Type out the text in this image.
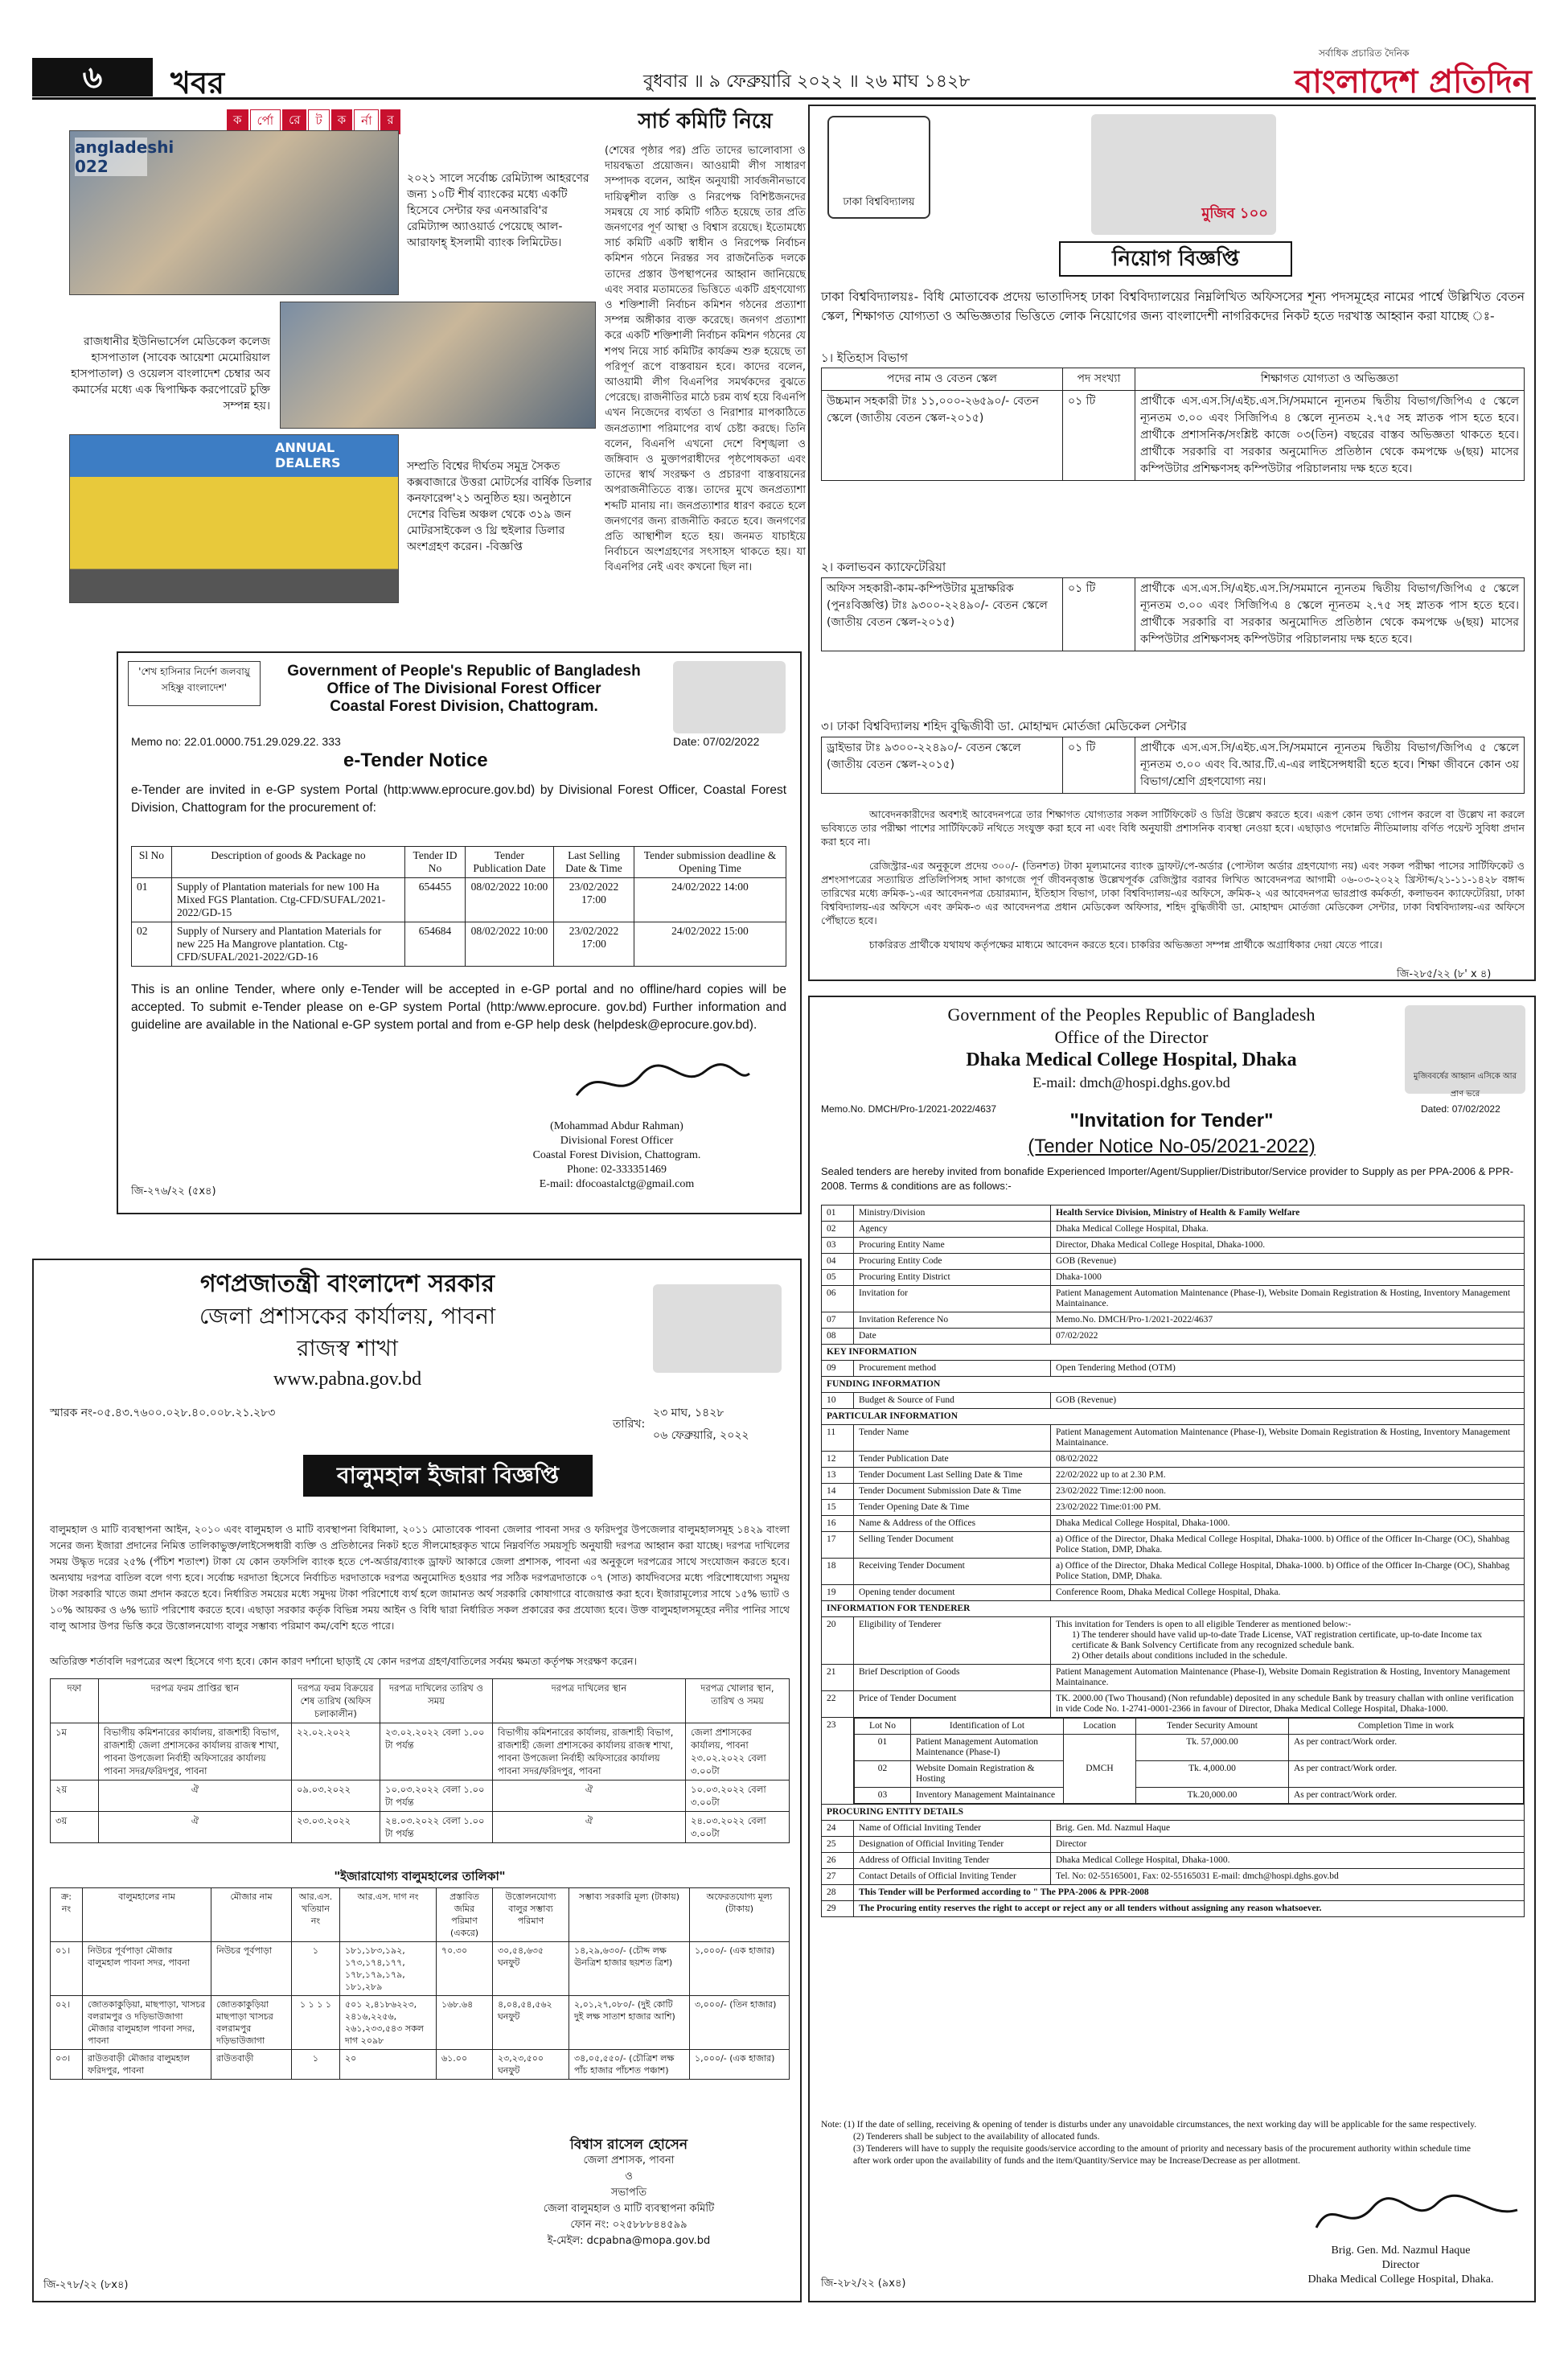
৬	খবর	বুধবার ॥ ৯ ফেব্রুয়ারি ২০২২ ॥ ২৬ মাঘ ১৪২৮
সর্বাধিক প্রচারিত দৈনিক
বাংলাদেশ প্রতিদিন
ক	র্পো	রে	ট	ক	র্না	র
angladeshi 022
২০২১ সালে সর্বোচ্চ রেমিট্যান্স আহরণের জন্য ১০টি শীর্ষ ব্যাংকের মধ্যে একটি হিসেবে সেন্টার ফর এনআরবি'র রেমিট্যান্স অ্যাওয়ার্ড পেয়েছে আল-আরাফাহ্ ইসলামী ব্যাংক লিমিটেড।
রাজধানীর ইউনিভার্সেল মেডিকেল কলেজ হাসপাতাল (সাবেক আয়েশা মেমোরিয়াল হাসপাতাল) ও ওয়েলস বাংলাদেশ চেম্বার অব কমার্সের মধ্যে এক দ্বিপাক্ষিক করপোরেট চুক্তি সম্পন্ন হয়।
ANNUAL DEALERS	সম্প্রতি বিশ্বের দীর্ঘতম সমুদ্র সৈকত কক্সবাজারে উত্তরা মোটর্সের বার্ষিক ডিলার কনফারেন্স'২১ অনুষ্ঠিত হয়। অনুষ্ঠানে দেশের বিভিন্ন অঞ্চল থেকে ৩১৯ জন মোটরসাইকেল ও থ্রি হুইলার ডিলার অংশগ্রহণ করেন। -বিজ্ঞপ্তি
সার্চ কমিটি নিয়ে
(শেষের পৃষ্ঠার পর) প্রতি তাদের ভালোবাসা ও দায়বদ্ধতা প্রয়োজন। আওয়ামী লীগ সাধারণ সম্পাদক বলেন, আইন অনুযায়ী সার্বজনীনভাবে দায়িত্বশীল ব্যক্তি ও নিরপেক্ষ বিশিষ্টজনদের সমন্বয়ে যে সার্চ কমিটি গঠিত হয়েছে তার প্রতি জনগণের পূর্ণ আস্থা ও বিশ্বাস রয়েছে। ইতোমধ্যে সার্চ কমিটি একটি স্বাধীন ও নিরপেক্ষ নির্বাচন কমিশন গঠনে নিরন্তর সব রাজনৈতিক দলকে তাদের প্রস্তাব উপস্থাপনের আহ্বান জানিয়েছে এবং সবার মতামতের ভিত্তিতে একটি গ্রহণযোগ্য ও শক্তিশালী নির্বাচন কমিশন গঠনের প্রত্যাশা সম্পন্ন অঙ্গীকার ব্যক্ত করেছে। জনগণ প্রত্যাশা করে একটি শক্তিশালী নির্বাচন কমিশন গঠনের যে শপথ নিয়ে সার্চ কমিটির কার্যক্রম শুরু হয়েছে তা পরিপূর্ণ রূপে বাস্তবায়ন হবে। কাদের বলেন, আওয়ামী লীগ বিএনপির সমর্থকদের বুঝতে পেরেছে। রাজনীতির মাঠে চরম ব্যর্থ হয়ে বিএনপি এখন নিজেদের ব্যর্থতা ও নিরাশার মাপকাঠিতে জনপ্রত্যাশা পরিমাপের ব্যর্থ চেষ্টা করছে। তিনি বলেন, বিএনপি এখনো দেশে বিশৃঙ্খলা ও জঙ্গিবাদ ও মুক্তাপরাধীদের পৃষ্ঠপোষকতা এবং তাদের স্বার্থ সংরক্ষণ ও প্রচারণা বাস্তবায়নের অপরাজনীতিতে ব্যস্ত। তাদের মুখে জনপ্রত্যাশা শব্দটি মানায় না। জনপ্রত্যাশার ধারণ করতে হলে জনগণের জন্য রাজনীতি করতে হবে। জনগণের প্রতি আস্থাশীল হতে হয়। জনমত যাচাইয়ে নির্বাচনে অংশগ্রহণের সৎসাহস থাকতে হয়। যা বিএনপির নেই এবং কখনো ছিল না।
'শেখ হাসিনার নির্দেশ জলবায়ু সহিষ্ণু বাংলাদেশ'
Government of People's Republic of Bangladesh
Office of The Divisional Forest Officer
Coastal Forest Division, Chattogram.
Memo no: 22.01.0000.751.29.029.22. 333	Date: 07/02/2022
e-Tender Notice
e-Tender are invited in e-GP system Portal (http:www.eprocure.gov.bd) by Divisional Forest Officer, Coastal Forest Division, Chattogram for the procurement of:
Sl No	Description of goods & Package no	Tender ID No	Tender Publication Date	Last Selling Date & Time	Tender submission deadline & Opening Time
01	Supply of Plantation materials for new 100 Ha Mixed FGS Plantation. Ctg-CFD/SUFAL/2021-2022/GD-15	654455	08/02/2022 10:00	23/02/2022 17:00	24/02/2022 14:00
02	Supply of Nursery and Plantation Materials for new 225 Ha Mangrove plantation. Ctg-CFD/SUFAL/2021-2022/GD-16	654684	08/02/2022 10:00	23/02/2022 17:00	24/02/2022 15:00
This is an online Tender, where only e-Tender will be accepted in e-GP portal and no offline/hard copies will be accepted. To submit e-Tender please on e-GP system Portal (http:/www.eprocure. gov.bd) Further information and guideline are available in the National e-GP system portal and from e-GP help desk (helpdesk@eprocure.gov.bd).
(Mohammad Abdur Rahman)
Divisional Forest Officer
Coastal Forest Division, Chattogram.
Phone: 02-333351469
E-mail: dfocoastalctg@gmail.com
জি-২৭৬/২২ (৫x৪)
গণপ্রজাতন্ত্রী বাংলাদেশ সরকার
জেলা প্রশাসকের কার্যালয়, পাবনা
রাজস্ব শাখা
www.pabna.gov.bd
স্মারক নং-০৫.৪৩.৭৬০০.০২৮.৪০.০০৮.২১.২৮৩
তারিখ:
২৩ মাঘ, ১৪২৮
০৬ ফেব্রুয়ারি, ২০২২
বালুমহাল ইজারা বিজ্ঞপ্তি
বালুমহাল ও মাটি ব্যবস্থাপনা আইন, ২০১০ এবং বালুমহাল ও মাটি ব্যবস্থাপনা বিধিমালা, ২০১১ মোতাবেক পাবনা জেলার পাবনা সদর ও ফরিদপুর উপজেলার বালুমহালসমূহ ১৪২৯ বাংলা সনের জন্য ইজারা প্রদানের নিমিত্ত তালিকাভুক্ত/লাইসেন্সধারী ব্যক্তি ও প্রতিষ্ঠানের নিকট হতে সীলমোহরকৃত খামে নিম্নবর্ণিত সময়সূচি অনুযায়ী দরপত্র আহ্বান করা যাচ্ছে। দরপত্র দাখিলের সময় উদ্ধৃত দরের ২৫% (পঁচিশ শতাংশ) টাকা যে কোন তফসিলি ব্যাংক হতে পে-অর্ডার/ব্যাংক ড্রাফট আকারে জেলা প্রশাসক, পাবনা এর অনুকূলে দরপত্রের সাথে সংযোজন করতে হবে। অন্যথায় দরপত্র বাতিল বলে গণ্য হবে। সর্বোচ্চ দরদাতা হিসেবে নির্বাচিত দরদাতাকে দরপত্র অনুমোদিত হওয়ার পর সঠিক দরপত্রদাতাকে ০৭ (সাত) কার্যদিবসের মধ্যে পরিশোধযোগ্য সমুদয় টাকা সরকারি খাতে জমা প্রদান করতে হবে। নির্ধারিত সময়ের মধ্যে সমুদয় টাকা পরিশোধে ব্যর্থ হলে জামানত অর্থ সরকারি কোষাগারে বাজেয়াপ্ত করা হবে। ইজারামূল্যের সাথে ১৫% ভ্যাট ও ১০% আয়কর ও ৬% ভ্যাট পরিশোধ করতে হবে। এছাড়া সরকার কর্তৃক বিভিন্ন সময় আইন ও বিধি দ্বারা নির্ধারিত সকল প্রকারের কর প্রযোজ্য হবে। উক্ত বালুমহালসমূহের নদীর পানির সাথে বালু আসার উপর ভিত্তি করে উত্তোলনযোগ্য বালুর সম্ভাব্য পরিমাণ কম/বেশি হতে পারে।
অতিরিক্ত শর্তাবলি দরপত্রের অংশ হিসেবে গণ্য হবে। কোন কারণ দর্শানো ছাড়াই যে কোন দরপত্র গ্রহণ/বাতিলের সর্বময় ক্ষমতা কর্তৃপক্ষ সংরক্ষণ করেন।
দফা	দরপত্র ফরম প্রাপ্তির স্থান	দরপত্র ফরম বিক্রয়ের শেষ তারিখ (অফিস চলাকালীন)	দরপত্র দাখিলের তারিখ ও সময়	দরপত্র দাখিলের স্থান	দরপত্র খোলার স্থান, তারিখ ও সময়
১ম	বিভাগীয় কমিশনারের কার্যালয়, রাজশাহী বিভাগ, রাজশাহী জেলা প্রশাসকের কার্যালয় রাজস্ব শাখা, পাবনা উপজেলা নির্বাহী অফিসারের কার্যালয় পাবনা সদর/ফরিদপুর, পাবনা	২২.০২.২০২২	২৩.০২.২০২২ বেলা ১.০০ টা পর্যন্ত	বিভাগীয় কমিশনারের কার্যালয়, রাজশাহী বিভাগ, রাজশাহী জেলা প্রশাসকের কার্যালয় রাজস্ব শাখা, পাবনা উপজেলা নির্বাহী অফিসারের কার্যালয় পাবনা সদর/ফরিদপুর, পাবনা	জেলা প্রশাসকের কার্যালয়, পাবনা ২৩.০২.২০২২ বেলা ৩.০০টা
২য়	ঐ	০৯.০৩.২০২২	১০.০৩.২০২২ বেলা ১.০০ টা পর্যন্ত	ঐ	১০.০৩.২০২২ বেলা ৩.০০টা
৩য়	ঐ	২৩.০৩.২০২২	২৪.০৩.২০২২ বেলা ১.০০ টা পর্যন্ত	ঐ	২৪.০৩.২০২২ বেলা ৩.০০টা
"ইজারাযোগ্য বালুমহালের তালিকা"
ক্র: নং	বালুমহালের নাম	মৌজার নাম	আর.এস. খতিয়ান নং	আর.এস. দাগ নং	প্রস্তাবিত জমির পরিমাণ (একরে)	উত্তোলনযোগ্য বালুর সম্ভাব্য পরিমাণ	সম্ভাব্য সরকারি মূল্য (টাকায়)	অফেরতযোগ্য মূল্য (টাকায়)
০১।	নিউচর পূর্বপাড়া মৌজার বালুমহাল পাবনা সদর, পাবনা	নিউচর পূর্বপাড়া	১	১৮১,১৮৩,১৯২, ১৭৩,১৭৪,১৭৭, ১৭৮,১৭৯,১৭৯, ১৮১,২৮৯	৭০.৩০	৩০,৫৪,৬৩৫ ঘনফুট	১৪,২৯,৬৩০/- (চৌদ্দ লক্ষ ঊনত্রিশ হাজার ছয়শত ত্রিশ)	১,০০০/- (এক হাজার)
০২।	জোতকাকুড়িয়া, মাছপাড়া, খাসচর বলরামপুর ও দড়িভাউজাগা মৌজার বালুমহাল পাবনা সদর, পাবনা	জোতকাকুড়িয়া মাছপাড়া খাসচর বলরামপুর দড়িভাউজাগা	১ ১ ১ ১	৫০১ ২,৪১৮৬২২৩, ২৪১৬,২২৫৬, ২৬১,২৩৩,৫৪৩ সকল দাগ ২০৯৮	১৬৮.৬৪	৪,০৪,৫৪,৫৬২ ঘনফুট	২,০১,২৭,০৮০/- (দুই কোটি দুই লক্ষ সাতাশ হাজার আশি)	৩,০০০/- (তিন হাজার)
০৩।	রাউতবাড়ী মৌজার বালুমহাল ফরিদপুর, পাবনা	রাউতবাড়ী	১	২০	৬১.০০	২৩,২৩,৫০০ ঘনফুট	৩৪,০৫,৫৫০/- (চৌত্রিশ লক্ষ পাঁচ হাজার পাঁচশত পঞ্চাশ)	১,০০০/- (এক হাজার)
বিশ্বাস রাসেল হোসেন
জেলা প্রশাসক, পাবনা
ও
সভাপতি
জেলা বালুমহাল ও মাটি ব্যবস্থাপনা কমিটি
ফোন নং: ০২৫৮৮৮৪৪৫৯৯
ই-মেইল: dcpabna@mopa.gov.bd
জি-২৭৮/২২ (৮x৪)
ঢাকা বিশ্ববিদ্যালয়
মুজিব ১০০
নিয়োগ বিজ্ঞপ্তি
ঢাকা বিশ্ববিদ্যালয়ঃ- বিধি মোতাবেক প্রদেয় ভাতাদিসহ ঢাকা বিশ্ববিদ্যালয়ের নিম্নলিখিত অফিসসের শূন্য পদসমূহের নামের পার্শ্বে উল্লিখিত বেতন স্কেল, শিক্ষাগত যোগ্যতা ও অভিজ্ঞতার ভিত্তিতে লোক নিয়োগের জন্য বাংলাদেশী নাগরিকদের নিকট হতে দরখাস্ত আহ্বান করা যাচ্ছে ঃ-
১। ইতিহাস বিভাগ
পদের নাম ও বেতন স্কেল	পদ সংখ্যা	শিক্ষাগত যোগ্যতা ও অভিজ্ঞতা
উচ্চমান সহকারী টাঃ ১১,০০০-২৬৫৯০/- বেতন স্কেলে (জাতীয় বেতন স্কেল-২০১৫)	০১ টি	প্রার্থীকে এস.এস.সি/এইচ.এস.সি/সমমানে ন্যূনতম দ্বিতীয় বিভাগ/জিপিএ ৫ স্কেলে ন্যূনতম ৩.০০ এবং সিজিপিএ ৪ স্কেলে ন্যূনতম ২.৭৫ সহ স্নাতক পাস হতে হবে। প্রার্থীকে প্রশাসনিক/সংশ্লিষ্ট কাজে ০৩(তিন) বছরের বাস্তব অভিজ্ঞতা থাকতে হবে। প্রার্থীকে সরকারি বা সরকার অনুমোদিত প্রতিষ্ঠান থেকে কমপক্ষে ৬(ছয়) মাসের কম্পিউটার প্রশিক্ষণসহ কম্পিউটার পরিচালনায় দক্ষ হতে হবে।
২। কলাভবন ক্যাফেটেরিয়া
অফিস সহকারী-কাম-কম্পিউটার মুদ্রাক্ষরিক (পুনঃবিজ্ঞপ্তি) টাঃ ৯৩০০-২২৪৯০/- বেতন স্কেলে (জাতীয় বেতন স্কেল-২০১৫)	০১ টি	প্রার্থীকে এস.এস.সি/এইচ.এস.সি/সমমানে ন্যূনতম দ্বিতীয় বিভাগ/জিপিএ ৫ স্কেলে ন্যূনতম ৩.০০ এবং সিজিপিএ ৪ স্কেলে ন্যূনতম ২.৭৫ সহ স্নাতক পাস হতে হবে। প্রার্থীকে সরকারি বা সরকার অনুমোদিত প্রতিষ্ঠান থেকে কমপক্ষে ৬(ছয়) মাসের কম্পিউটার প্রশিক্ষণসহ কম্পিউটার পরিচালনায় দক্ষ হতে হবে।
৩। ঢাকা বিশ্ববিদ্যালয় শহিদ বুদ্ধিজীবী ডা. মোহাম্মদ মোর্তজা মেডিকেল সেন্টার
ড্রাইভার টাঃ ৯৩০০-২২৪৯০/- বেতন স্কেলে (জাতীয় বেতন স্কেল-২০১৫)	০১ টি	প্রার্থীকে এস.এস.সি/এইচ.এস.সি/সমমানে ন্যূনতম দ্বিতীয় বিভাগ/জিপিএ ৫ স্কেলে ন্যূনতম ৩.০০ এবং বি.আর.টি.এ-এর লাইসেন্সধারী হতে হবে। শিক্ষা জীবনে কোন ৩য় বিভাগ/শ্রেণি গ্রহণযোগ্য নয়।
আবেদনকারীদের অবশ্যই আবেদনপত্রে তার শিক্ষাগত যোগ্যতার সকল সার্টিফিকেট ও ডিগ্রি উল্লেখ করতে হবে। এরূপ কোন তথ্য গোপন করলে বা উল্লেখ না করলে ভবিষ্যতে তার পরীক্ষা পাশের সার্টিফিকেট নথিতে সংযুক্ত করা হবে না এবং বিধি অনুযায়ী প্রশাসনিক ব্যবস্থা নেওয়া হবে। এছাড়াও পদোন্নতি নীতিমালায় বর্ণিত পয়েন্ট সুবিধা প্রদান করা হবে না।
রেজিস্ট্রার-এর অনুকূলে প্রদেয় ৩০০/- (তিনশত) টাকা মূল্যমানের ব্যাংক ড্রাফট/পে-অর্ডার (পোস্টাল অর্ডার গ্রহণযোগ্য নয়) এবং সকল পরীক্ষা পাসের সার্টিফিকেট ও প্রশংসাপত্রের সত্যায়িত প্রতিলিপিসহ সাদা কাগজে পূর্ণ জীবনবৃত্তান্ত উল্লেখপূর্বক রেজিস্ট্রার বরাবর লিখিত আবেদনপত্র আগামী ০৬-০৩-২০২২ খ্রিস্টাব্দ/২১-১১-১৪২৮ বঙ্গাব্দ তারিখের মধ্যে ক্রমিক-১-এর আবেদনপত্র চেয়ারম্যান, ইতিহাস বিভাগ, ঢাকা বিশ্ববিদ্যালয়-এর অফিসে, ক্রমিক-২ এর আবেদনপত্র ভারপ্রাপ্ত কর্মকর্তা, কলাভবন ক্যাফেটেরিয়া, ঢাকা বিশ্ববিদ্যালয়-এর অফিসে এবং ক্রমিক-৩ এর আবেদনপত্র প্রধান মেডিকেল অফিসার, শহিদ বুদ্ধিজীবী ডা. মোহাম্মদ মোর্তজা মেডিকেল সেন্টার, ঢাকা বিশ্ববিদ্যালয়-এর অফিসে পৌঁছাতে হবে।
চাকরিরত প্রার্থীকে যথাযথ কর্তৃপক্ষের মাধ্যমে আবেদন করতে হবে। চাকরির অভিজ্ঞতা সম্পন্ন প্রার্থীকে অগ্রাধিকার দেয়া যেতে পারে।
জি-২৮৫/২২ (৮' x ৪)
Government of the Peoples Republic of Bangladesh
Office of the Director
Dhaka Medical College Hospital, Dhaka
E-mail: dmch@hospi.dghs.gov.bd	মুজিববর্ষের আহ্বান এসিকে আর প্রাণ ভরে
Memo.No. DMCH/Pro-1/2021-2022/4637	Dated: 07/02/2022
"Invitation for Tender"
(Tender Notice No-05/2021-2022)
Sealed tenders are hereby invited from bonafide Experienced Importer/Agent/Supplier/Distributor/Service provider to Supply as per PPA-2006 & PPR-2008. Terms & conditions are as follows:-
01	Ministry/Division	Health Service Division, Ministry of Health & Family Welfare
02	Agency	Dhaka Medical College Hospital, Dhaka.
03	Procuring Entity Name	Director, Dhaka Medical College Hospital, Dhaka-1000.
04	Procuring Entity Code	GOB (Revenue)
05	Procuring Entity District	Dhaka-1000
06	Invitation for	Patient Management Automation Maintenance (Phase-I), Website Domain Registration & Hosting, Inventory Management Maintainance.
07	Invitation Reference No	Memo.No. DMCH/Pro-1/2021-2022/4637
08	Date	07/02/2022
KEY INFORMATION
09	Procurement method	Open Tendering Method (OTM)
FUNDING INFORMATION
10	Budget & Source of Fund	GOB (Revenue)
PARTICULAR INFORMATION
11	Tender Name	Patient Management Automation Maintenance (Phase-I), Website Domain Registration & Hosting, Inventory Management Maintainance.
12	Tender Publication Date	08/02/2022
13	Tender Document Last Selling Date & Time	22/02/2022 up to at 2.30 P.M.
14	Tender Document Submission Date & Time	23/02/2022 Time:12:00 noon.
15	Tender Opening Date & Time	23/02/2022 Time:01:00 PM.
16	Name & Address of the Offices	Dhaka Medical College Hospital, Dhaka-1000.
17	Selling Tender Document	a) Office of the Director, Dhaka Medical College Hospital, Dhaka-1000. b) Office of the Officer In-Charge (OC), Shahbag Police Station, DMP, Dhaka.
18	Receiving Tender Document	a) Office of the Director, Dhaka Medical College Hospital, Dhaka-1000. b) Office of the Officer In-Charge (OC), Shahbag Police Station, DMP, Dhaka.
19	Opening tender document	Conference Room, Dhaka Medical College Hospital, Dhaka.
INFORMATION FOR TENDERER
20	Eligibility of Tenderer	This invitation for Tenders is open to all eligible Tenderer as mentioned below:-
1) The tenderer should have valid up-to-date Trade License, VAT registration certificate, up-to-date Income tax certificate & Bank Solvency Certificate from any recognized schedule bank.
2) Other details about conditions included in the schedule.

21	Brief Description of Goods	Patient Management Automation Maintenance (Phase-I), Website Domain Registration & Hosting, Inventory Management Maintainance.
22	Price of Tender Document	TK. 2000.00 (Two Thousand) (Non refundable) deposited in any schedule Bank by treasury challan with online verification in vide Code No. 1-2741-0001-2366 in favour of Director, Dhaka Medical College Hospital, Dhaka-1000.
23		Lot No	Identification of Lot	Location	Tender Security Amount	Completion Time in work
01	Patient Management Automation Maintenance (Phase-I)	DMCH	Tk. 57,000.00	As per contract/Work order.
02	Website Domain Registration & Hosting	Tk. 4,000.00	As per contract/Work order.
03	Inventory Management Maintainance	Tk.20,000.00	As per contract/Work order.

PROCURING ENTITY DETAILS
24	Name of Official Inviting Tender	Brig. Gen. Md. Nazmul Haque
25	Designation of Official Inviting Tender	Director
26	Address of Official Inviting Tender	Dhaka Medical College Hospital, Dhaka-1000.
27	Contact Details of Official Inviting Tender	Tel. No: 02-55165001, Fax: 02-55165031 E-mail: dmch@hospi.dghs.gov.bd
28	This Tender will be Performed according to " The PPA-2006 & PPR-2008
29	The Procuring entity reserves the right to accept or reject any or all tenders without assigning any reason whatsoever.
Note: (1) If the date of selling, receiving & opening of tender is disturbs under any unavoidable circumstances, the next working day will be applicable for the same respectively.
(2) Tenderers shall be subject to the availability of allocated funds.
(3) Tenderers will have to supply the requisite goods/service according to the amount of priority and necessary basis of the procurement authority within schedule time after work order upon the availability of funds and the item/Quantity/Service may be Increase/Decrease as per allotment.
Brig. Gen. Md. Nazmul Haque
Director
Dhaka Medical College Hospital, Dhaka.
জি-২৮২/২২ (৯x৪)
